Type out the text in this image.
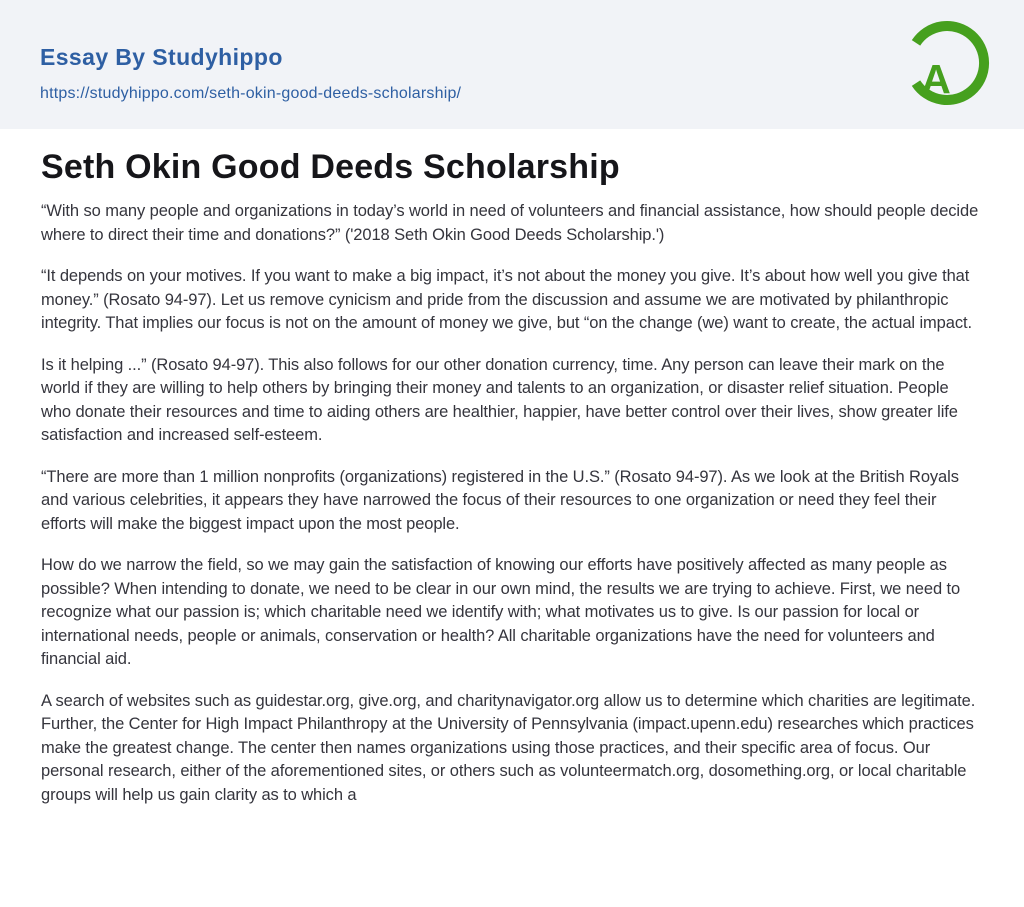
Essay By Studyhippo
https://studyhippo.com/seth-okin-good-deeds-scholarship/	A
Seth Okin Good Deeds Scholarship

“With so many people and organizations in today’s world in need of volunteers and financial assistance, how should people decide where to direct their time and donations?” ('2018 Seth Okin Good Deeds Scholarship.')

“It depends on your motives. If you want to make a big impact, it’s not about the money you give. It’s about how well you give that money.” (Rosato 94-97). Let us remove cynicism and pride from the discussion and assume we are motivated by philanthropic integrity. That implies our focus is not on the amount of money we give, but “on the change (we) want to create, the actual impact.

Is it helping ...” (Rosato 94-97). This also follows for our other donation currency, time. Any person can leave their mark on the world if they are willing to help others by bringing their money and talents to an organization, or disaster relief situation. People who donate their resources and time to aiding others are healthier, happier, have better control over their lives, show greater life satisfaction and increased self-esteem.

“There are more than 1 million nonprofits (organizations) registered in the U.S.” (Rosato 94-97). As we look at the British Royals and various celebrities, it appears they have narrowed the focus of their resources to one organization or need they feel their efforts will make the biggest impact upon the most people.

How do we narrow the field, so we may gain the satisfaction of knowing our efforts have positively affected as many people as possible? When intending to donate, we need to be clear in our own mind, the results we are trying to achieve. First, we need to recognize what our passion is; which charitable need we identify with; what motivates us to give. Is our passion for local or international needs, people or animals, conservation or health? All charitable organizations have the need for volunteers and financial aid.

A search of websites such as guidestar.org, give.org, and charitynavigator.org allow us to determine which charities are legitimate. Further, the Center for High Impact Philanthropy at the University of Pennsylvania (impact.upenn.edu) researches which practices make the greatest change. The center then names organizations using those practices, and their specific area of focus. Our personal research, either of the aforementioned sites, or others such as volunteermatch.org, dosomething.org, or local charitable groups will help us gain clarity as to which a
